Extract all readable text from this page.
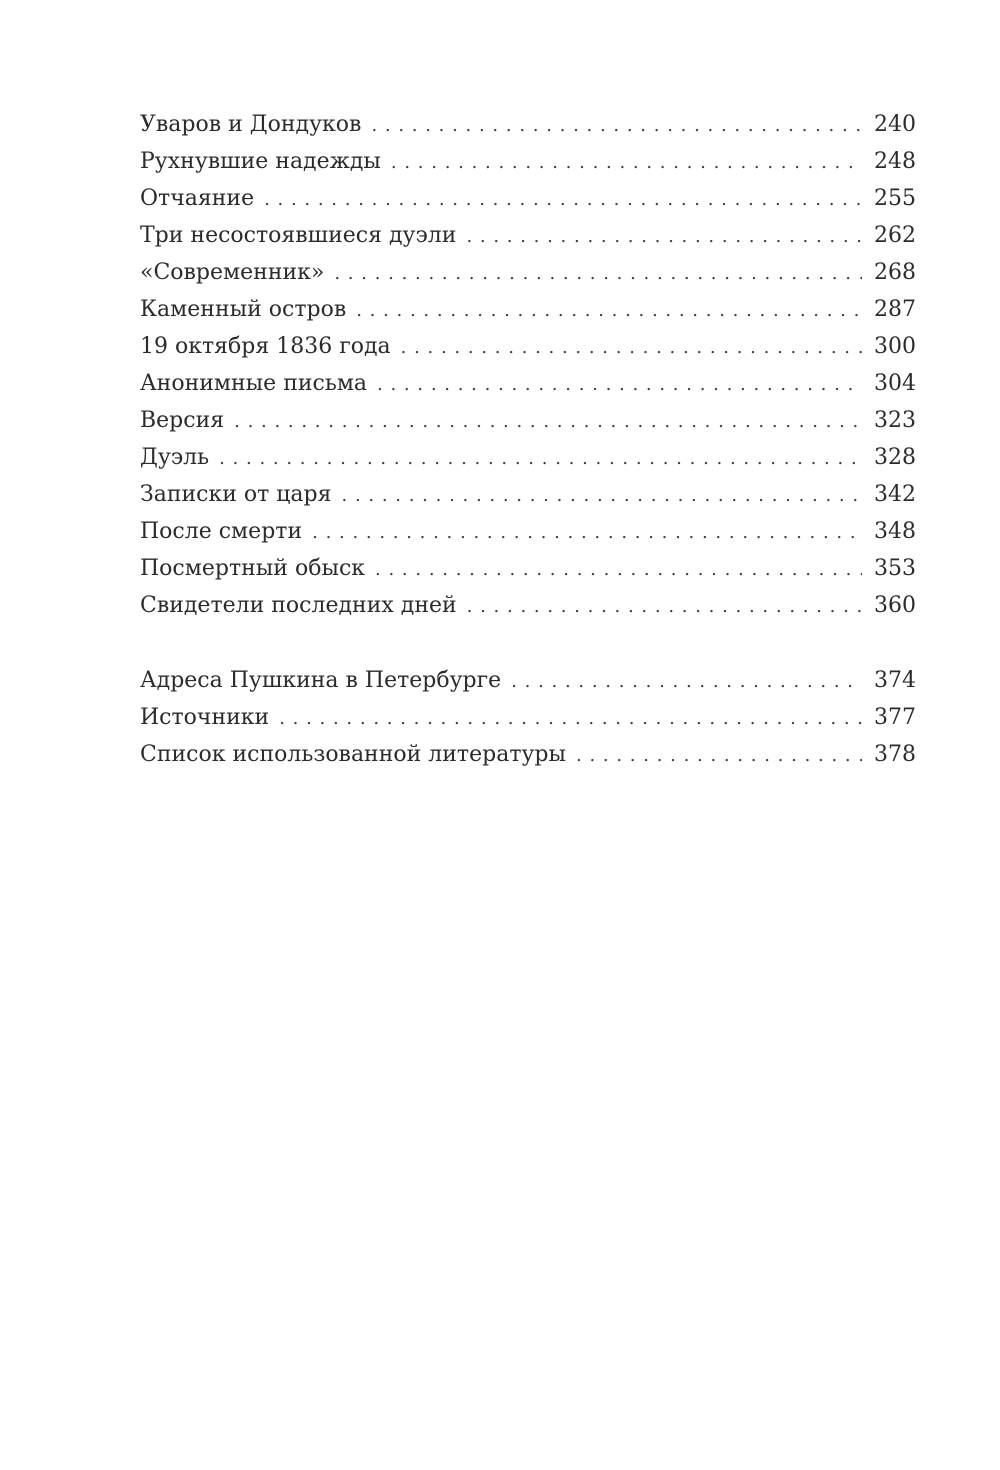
Уваров и Дондуков . . .	240
Рухнувшие надежды . . .	248
Отчаяние . . .	255
Три несостоявшиеся дуэли . . .	262
«Современник» . . .	268
Каменный остров . . .	287
19 октября 1836 года . . .	300
Анонимные письма . . .	304
Версия . . .	323
Дуэль . . .	328
Записки от царя . . .	342
После смерти . . .	348
Посмертный обыск . . .	353
Свидетели последних дней . . .	360
Адреса Пушкина в Петербурге . . .	374
Источники . . .	377
Список использованной литературы . . .	378
